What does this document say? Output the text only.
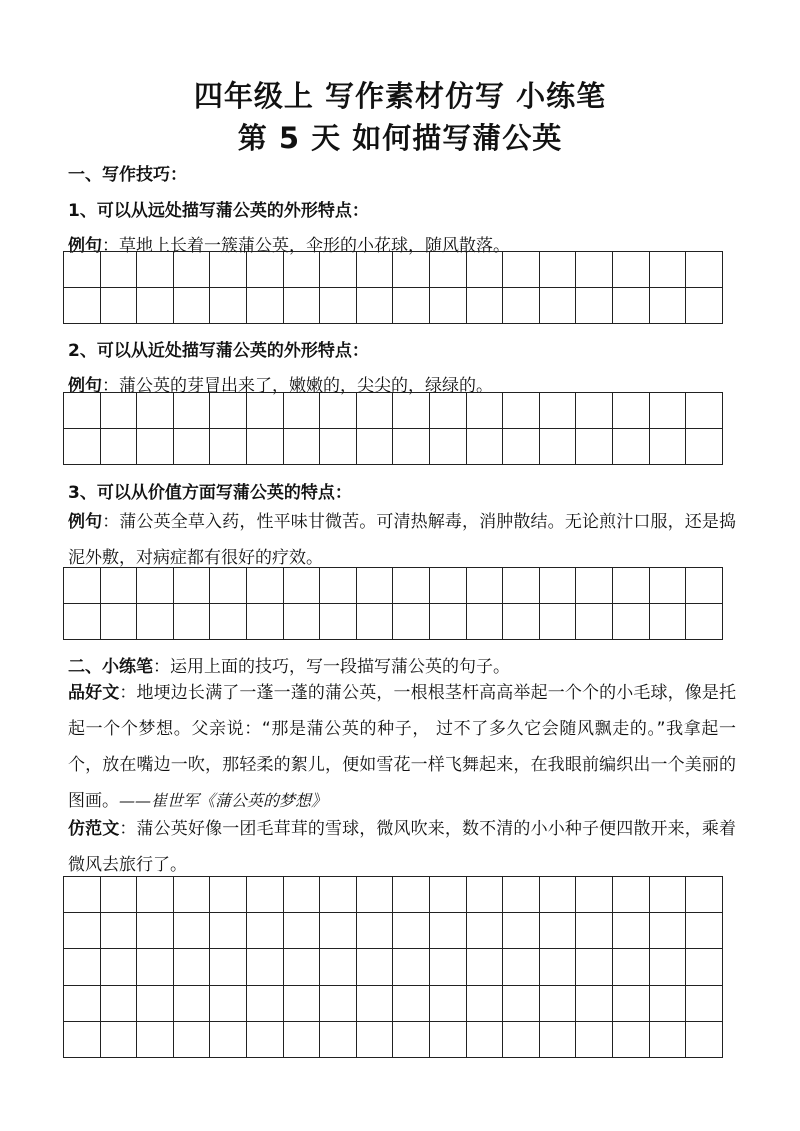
四年级上 写作素材仿写 小练笔
第 5 天 如何描写蒲公英
一、写作技巧：
1、可以从远处描写蒲公英的外形特点：
例句：草地上长着一簇蒲公英，伞形的小花球，随风散落。
2、可以从近处描写蒲公英的外形特点：
例句：蒲公英的芽冒出来了，嫩嫩的，尖尖的，绿绿的。
3、可以从价值方面写蒲公英的特点：
例句：蒲公英全草入药，性平味甘微苦。可清热解毒，消肿散结。无论煎汁口服，还是捣泥外敷，对病症都有很好的疗效。
二、小练笔：运用上面的技巧，写一段描写蒲公英的句子。
品好文：地埂边长满了一蓬一蓬的蒲公英，一根根茎杆高高举起一个个的小毛球，像是托起一个个梦想。父亲说：“那是蒲公英的种子， 过不了多久它会随风飘走的。”我拿起一个，放在嘴边一吹，那轻柔的絮儿，便如雪花一样飞舞起来，在我眼前编织出一个美丽的图画。——崔世军《蒲公英的梦想》
仿范文：蒲公英好像一团毛茸茸的雪球，微风吹来，数不清的小小种子便四散开来，乘着微风去旅行了。
